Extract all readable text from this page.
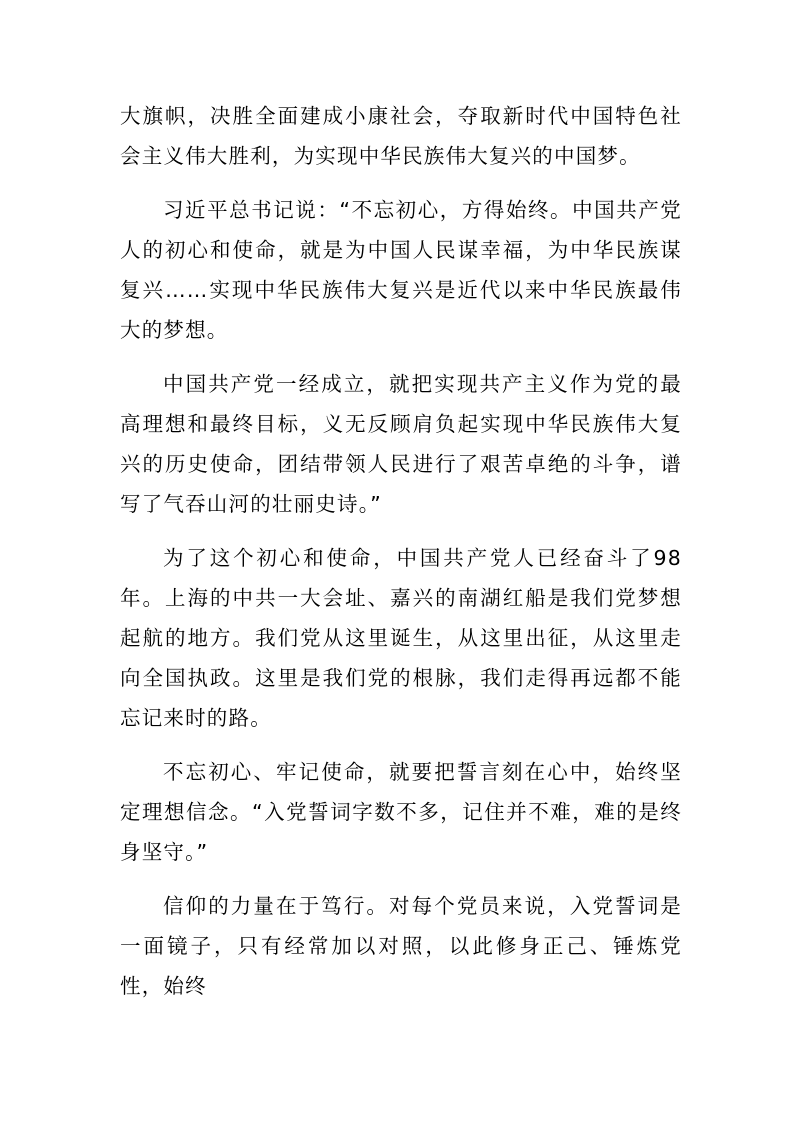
大旗帜，决胜全面建成小康社会，夺取新时代中国特色社会主义伟大胜利，为实现中华民族伟大复兴的中国梦。

习近平总书记说：“不忘初心，方得始终。中国共产党人的初心和使命，就是为中国人民谋幸福，为中华民族谋复兴……实现中华民族伟大复兴是近代以来中华民族最伟大的梦想。

中国共产党一经成立，就把实现共产主义作为党的最高理想和最终目标，义无反顾肩负起实现中华民族伟大复兴的历史使命，团结带领人民进行了艰苦卓绝的斗争，谱写了气吞山河的壮丽史诗。”

为了这个初心和使命，中国共产党人已经奋斗了98年。上海的中共一大会址、嘉兴的南湖红船是我们党梦想起航的地方。我们党从这里诞生，从这里出征，从这里走向全国执政。这里是我们党的根脉，我们走得再远都不能忘记来时的路。

不忘初心、牢记使命，就要把誓言刻在心中，始终坚定理想信念。“入党誓词字数不多，记住并不难，难的是终身坚守。”

信仰的力量在于笃行。对每个党员来说，入党誓词是一面镜子，只有经常加以对照，以此修身正己、锤炼党性，始终
